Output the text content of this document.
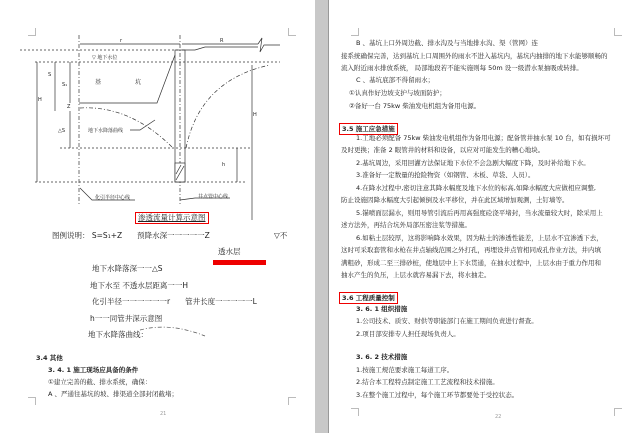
r	R
▽ 地下水位
S
S₁	基	坑
H
Z
△S	地下水降落曲线
H
h
化引半径中心线	井点管中心线
渗透流量计算示意图
图例说明： S=S₁+Z　　预降水深一一一一一Z	▽不
透水层
地下水降落深一一△S
地下水至 不透水层距离一一H
化引半径一一一一一一r　　管井长度一一一一一L
h一一同管井深示意图
地下水降落曲线：
3.4 其他
3. 4. 1 施工现场应具备的条件
①建立完善的截、排水系统，确保：
A 、严通往基坑的坡、排渠道全部封闭截堵；
21
B 、基坑上口外周边截、排水沟及与当地排水沟、渠（管网）连
接系统确保完善，达到基坑上口周围外的雨水不进入基坑内，基坑内抽排的地下水能够顺畅的
流入附近雨水排放系统， 局部地段若不能实施则每 50m 设一级潜水泵抽吸或转排。
C 、基坑底部不得留雨水；
①认真作好边坡支护与坡面防护；
②备好一台 75kw 柴油发电机组为备用电源。
3.5 施工应急措施
1.工地必须配备 75kw 柴油发电机组作为备用电源；配备管井抽水泵 10 台，如有损坏可
及时更换；准备 2 眼管井的材料和设备，以应对可能发生的糟心地块。
2.基坑周边，采用回灌方法保证地下水位不会急剧大幅度下降，及时补给地下水。
3.准备好一定数量的抢险物资（如钢管、木板、草袋、人员）。
4.在降水过程中,密切注意其降水幅度及地下水位的标高,如降水幅度大应做相应调整,
防止设施因降水幅度大引起倾倒及水平移位，并在此区域增加观测，土钉墙等。
5.锚喷面层漏水，则用导管引流后再用高强度砼浇平堵封，当水流量较大时，除采用上
述方法外，再结合坑外局部压密注浆等措施。
6.如粘土层较厚，这将影响降水效果，因为粘土的渗透性能差，上层水不宜渗透下去，
这时可采取套管和水枪在井点轴线范围之外打孔，再埋设井点管相同成孔作业方法，井内填
满粗砂，形成二至三排砂桩，使地层中上下水贯通，在抽水过程中，上层水由于重力作用和
抽水产生的负压，上层水就容易漏下去，将水抽走。
3.6 工程质量控制
3. 6. 1 组织措施
1.公司技术、质安、财供等职能部门在施工期间负责进行督查。
2.项目部安排专人担任现场负责人。
3. 6. 2 技术措施
1.按施工规范要求施工每道工序。
2.结合本工程特点制定施工工艺流程和技术措施。
3.在整个施工过程中，每个施工环节都要处于受控状态。
22
